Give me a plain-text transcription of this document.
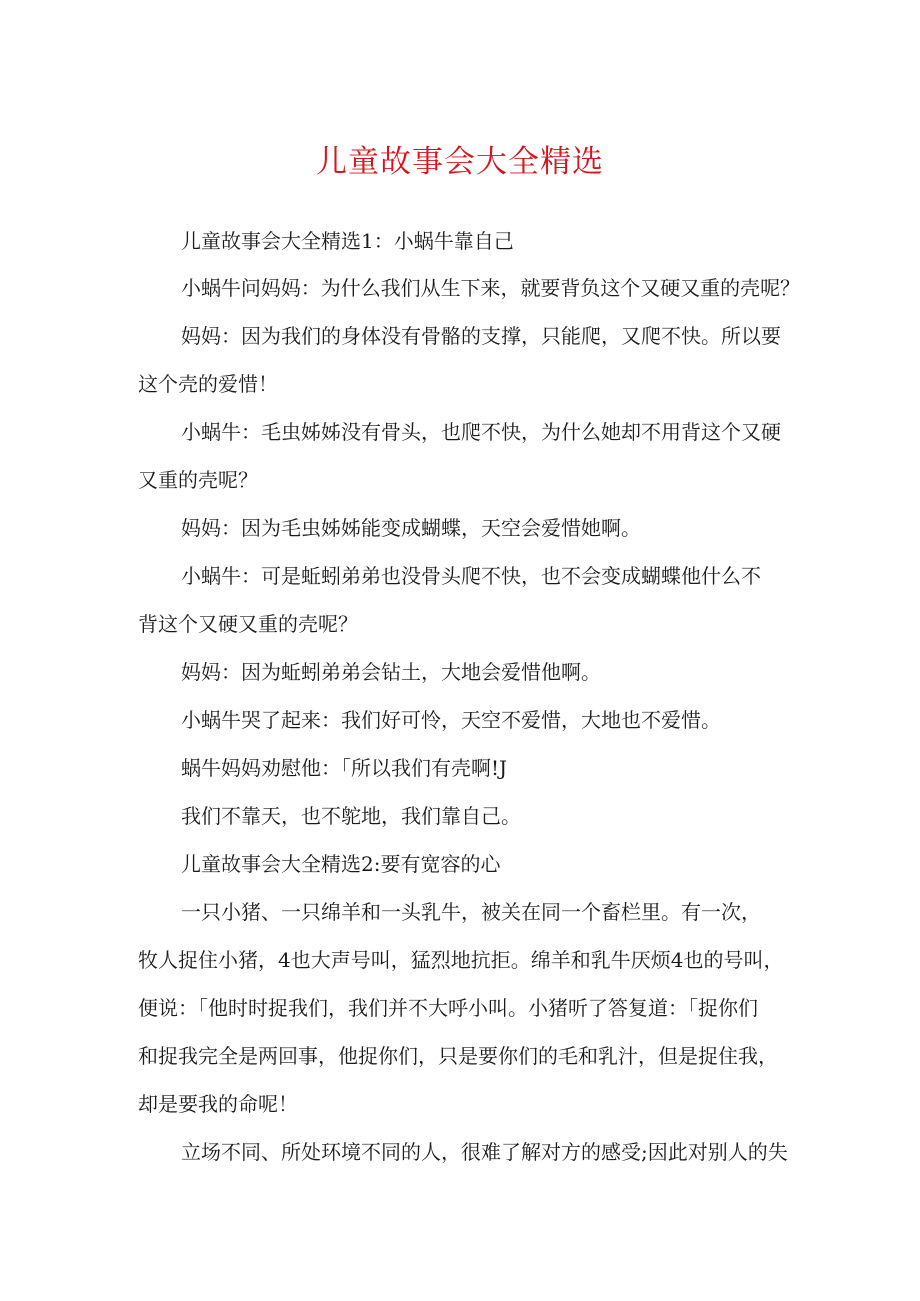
儿童故事会大全精选

儿童故事会大全精选1：小蜗牛靠自己

小蜗牛问妈妈：为什么我们从生下来，就要背负这个又硬又重的壳呢？

妈妈：因为我们的身体没有骨骼的支撑，只能爬，又爬不快。所以要

这个壳的爱惜！

小蜗牛：毛虫姊姊没有骨头，也爬不快，为什么她却不用背这个又硬

又重的壳呢？

妈妈：因为毛虫姊姊能变成蝴蝶，天空会爱惜她啊。

小蜗牛：可是蚯蚓弟弟也没骨头爬不快，也不会变成蝴蝶他什么不

背这个又硬又重的壳呢？

妈妈：因为蚯蚓弟弟会钻土，大地会爱惜他啊。

小蜗牛哭了起来：我们好可怜，天空不爱惜，大地也不爱惜。

蜗牛妈妈劝慰他：「所以我们有壳啊!J

我们不靠天，也不鸵地，我们靠自己。

儿童故事会大全精选2:要有宽容的心

一只小猪、一只绵羊和一头乳牛，被关在同一个畜栏里。有一次，

牧人捉住小猪，4也大声号叫，猛烈地抗拒。绵羊和乳牛厌烦4也的号叫，

便说：「他时时捉我们，我们并不大呼小叫。小猪听了答复道：「捉你们

和捉我完全是两回事，他捉你们，只是要你们的毛和乳汁，但是捉住我，

却是要我的命呢！

立场不同、所处环境不同的人，很难了解对方的感受;因此对别人的失
